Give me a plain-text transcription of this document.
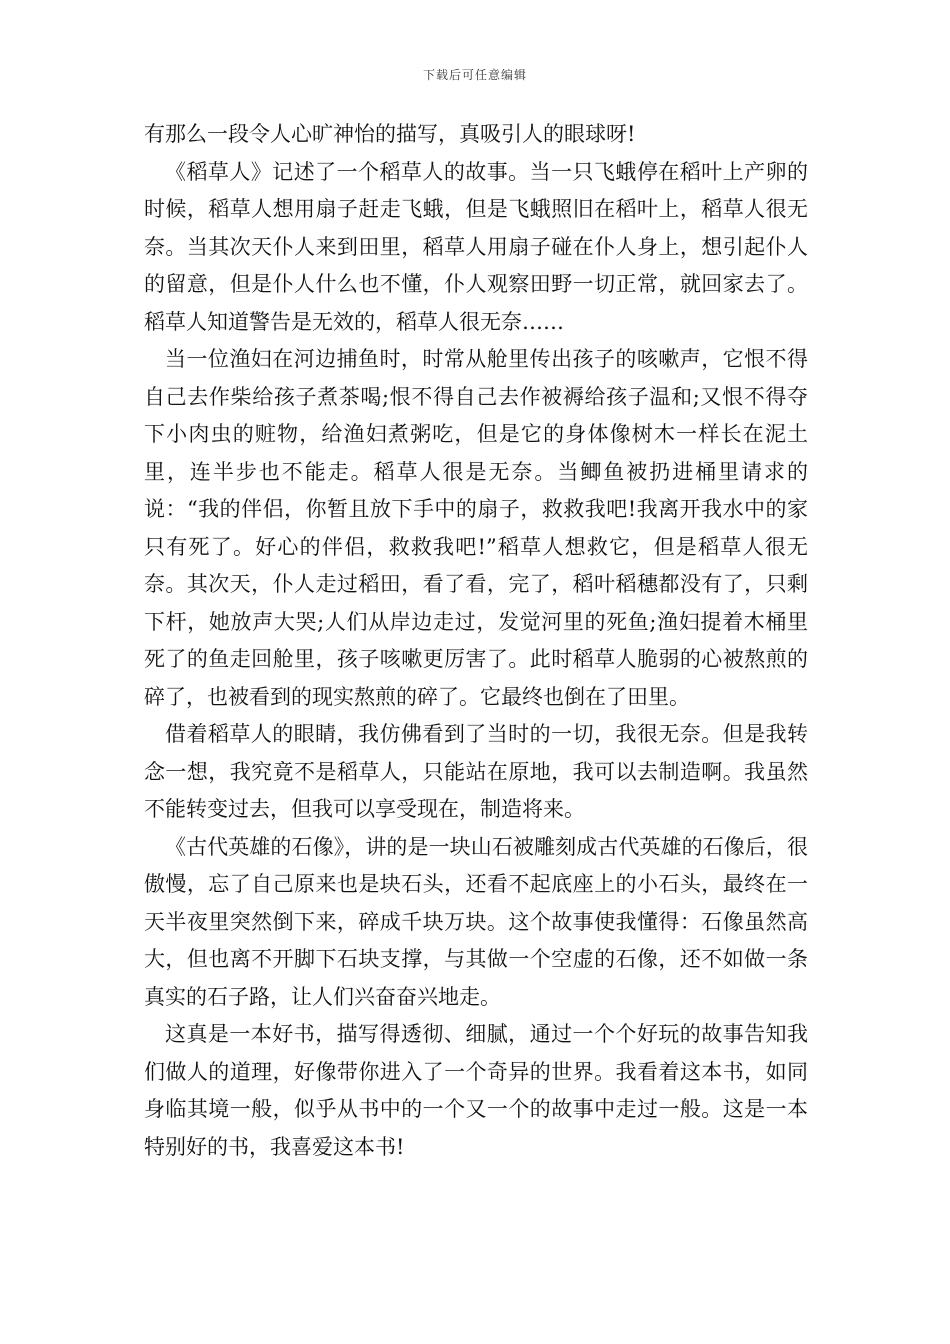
下载后可任意编辑

有那么一段令人心旷神怡的描写，真吸引人的眼球呀!

《稻草人》记述了一个稻草人的故事。当一只飞蛾停在稻叶上产卵的时候，稻草人想用扇子赶走飞蛾，但是飞蛾照旧在稻叶上，稻草人很无奈。当其次天仆人来到田里，稻草人用扇子碰在仆人身上，想引起仆人的留意，但是仆人什么也不懂，仆人观察田野一切正常，就回家去了。稻草人知道警告是无效的，稻草人很无奈……

当一位渔妇在河边捕鱼时，时常从舱里传出孩子的咳嗽声，它恨不得自己去作柴给孩子煮茶喝;恨不得自己去作被褥给孩子温和;又恨不得夺下小肉虫的赃物，给渔妇煮粥吃，但是它的身体像树木一样长在泥土里，连半步也不能走。稻草人很是无奈。当鲫鱼被扔进桶里请求的说：“我的伴侣，你暂且放下手中的扇子，救救我吧!我离开我水中的家只有死了。好心的伴侣，救救我吧!”稻草人想救它，但是稻草人很无奈。其次天，仆人走过稻田，看了看，完了，稻叶稻穗都没有了，只剩下杆，她放声大哭;人们从岸边走过，发觉河里的死鱼;渔妇提着木桶里死了的鱼走回舱里，孩子咳嗽更厉害了。此时稻草人脆弱的心被熬煎的碎了，也被看到的现实熬煎的碎了。它最终也倒在了田里。

借着稻草人的眼睛，我仿佛看到了当时的一切，我很无奈。但是我转念一想，我究竟不是稻草人，只能站在原地，我可以去制造啊。我虽然不能转变过去，但我可以享受现在，制造将来。

《古代英雄的石像》，讲的是一块山石被雕刻成古代英雄的石像后，很傲慢，忘了自己原来也是块石头，还看不起底座上的小石头，最终在一天半夜里突然倒下来，碎成千块万块。这个故事使我懂得：石像虽然高大，但也离不开脚下石块支撑，与其做一个空虚的石像，还不如做一条真实的石子路，让人们兴奋奋兴地走。

这真是一本好书，描写得透彻、细腻，通过一个个好玩的故事告知我们做人的道理，好像带你进入了一个奇异的世界。我看着这本书，如同身临其境一般，似乎从书中的一个又一个的故事中走过一般。这是一本特别好的书，我喜爱这本书!
